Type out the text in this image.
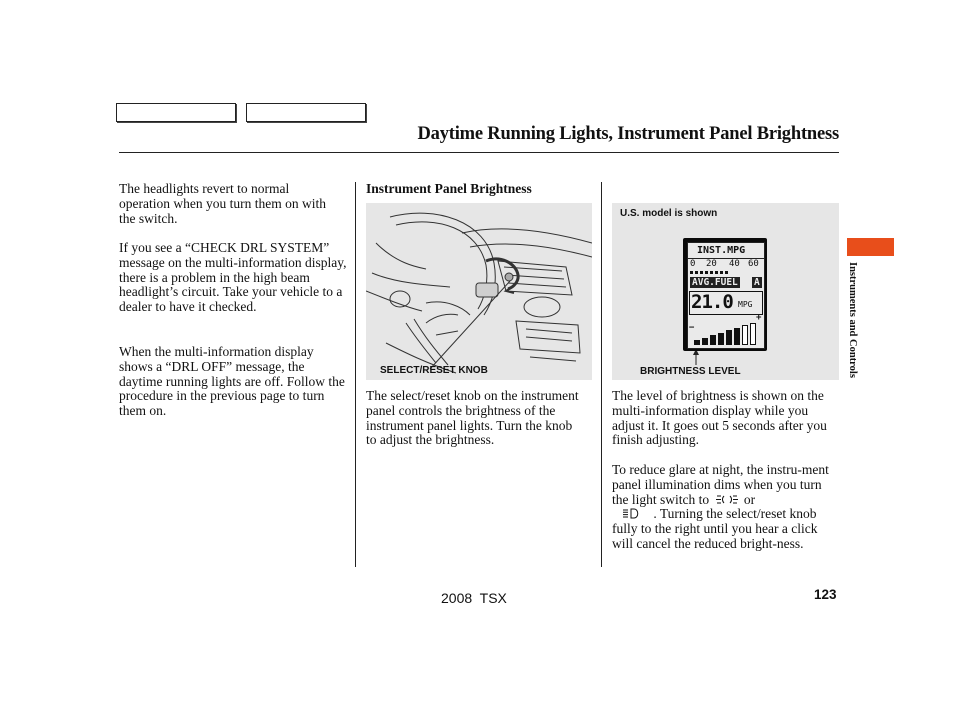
Daytime Running Lights, Instrument Panel Brightness
The headlights revert to normal operation when you turn them on with the switch.
If you see a “CHECK DRL SYSTEM” message on the multi-information display, there is a problem in the high beam headlight’s circuit. Take your vehicle to a dealer to have it checked.
When the multi-information display shows a “DRL OFF” message, the daytime running lights are off. Follow the procedure in the previous page to turn them on.
Instrument Panel Brightness
SELECT/RESET KNOB
The select/reset knob on the instrument panel controls the brightness of the instrument panel lights. Turn the knob to adjust the brightness.
U.S. model is shown
BRIGHTNESS LEVEL
INST.MPG
0 20 40 60
AVG.FUEL A
21.0 MPG
−
+
The level of brightness is shown on the multi-information display while you adjust it. It goes out 5 seconds after you finish adjusting.
To reduce glare at night, the instru-ment panel illumination dims when you turn the light switch to	or
. Turning the select/reset knob fully to the right until you hear a click will cancel the reduced bright-ness.
Instruments and Controls
2008  TSX	123
